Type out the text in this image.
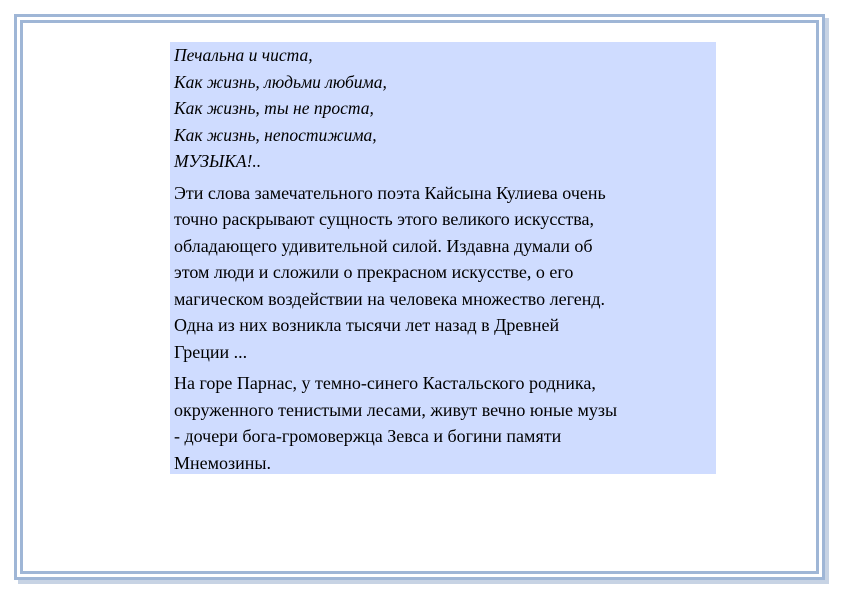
Печальна и чиста,
Как жизнь, людьми любима,
Как жизнь, ты не проста,
Как жизнь, непостижима,
МУЗЫКА!..
Эти слова замечательного поэта Кайсына Кулиева очень
точно раскрывают сущность этого великого искусства,
обладающего удивительной силой. Издавна думали об
этом люди и сложили о прекрасном искусстве, о его
магическом воздействии на человека множество легенд.
Одна из них возникла тысячи лет назад в Древней
Греции ...
На горе Парнас, у темно-синего Кастальского родника,
окруженного тенистыми лесами, живут вечно юные музы
- дочери бога-громовержца Зевса и богини памяти
Мнемозины.
